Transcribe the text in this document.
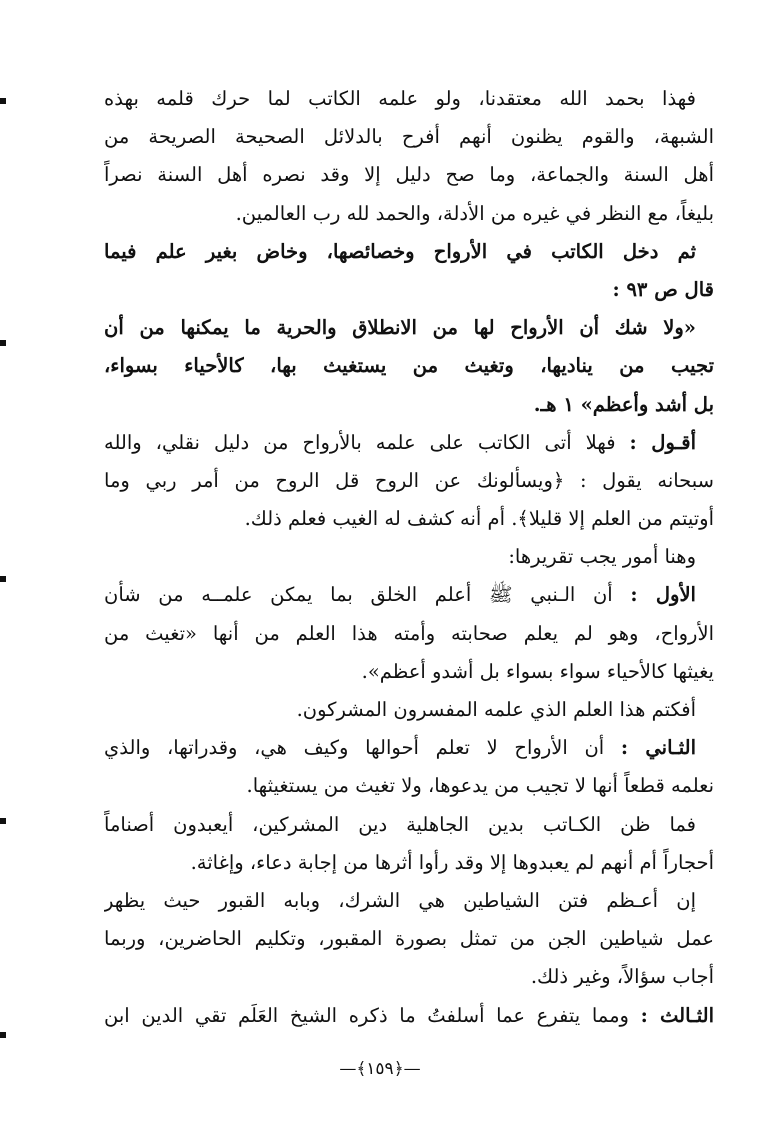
فهذا بحمد الله معتقدنا، ولو علمه الكاتب لما حرك قلمه بهذه
الشبهة، والقوم يظنون أنهم أفرح بالدلائل الصحيحة الصريحة من
أهل السنة والجماعة، وما صح دليل إلا وقد نصره أهل السنة نصراً
بليغاً، مع النظر في غيره من الأدلة، والحمد لله رب العالمين.
ثم دخل الكاتب في الأرواح وخصائصها، وخاض بغير علم فيما
قال ص ٩٣ :
«ولا شك أن الأرواح لها من الانطلاق والحرية ما يمكنها من أن
تجيب من يناديها، وتغيث من يستغيث بها، كالأحياء بسواء،
بل أشد وأعظم» ١ هـ.
أقـول : فهلا أتى الكاتب على علمه بالأرواح من دليل نقلي، والله
سبحانه يقول : ﴿ويسألونك عن الروح قل الروح من أمر ربي وما
أوتيتم من العلم إلا قليلا﴾. أم أنه كشف له الغيب فعلم ذلك.
وهنا أمور يجب تقريرها:
الأول : أن الـنبي ﷺ أعلم الخلق بما يمكن علمــه من شأن
الأرواح، وهو لم يعلم صحابته وأمته هذا العلم من أنها «تغيث من
يغيثها كالأحياء سواء بسواء بل أشدو أعظم».
أفكتم هذا العلم الذي علمه المفسرون المشركون.
الثـاني : أن الأرواح لا تعلم أحوالها وكيف هي، وقدراتها، والذي
نعلمه قطعاً أنها لا تجيب من يدعوها، ولا تغيث من يستغيثها.
فما ظن الكـاتب بدين الجاهلية دين المشركين، أيعبدون أصناماً
أحجاراً أم أنهم لم يعبدوها إلا وقد رأوا أثرها من إجابة دعاء، وإغاثة.
إن أعـظم فتن الشياطين هي الشرك، وبابه القبور حيث يظهر
عمل شياطين الجن من تمثل بصورة المقبور، وتكليم الحاضرين، وربما
أجاب سؤالاً، وغير ذلك.
الثـالث : ومما يتفرع عما أسلفتُ ما ذكره الشيخ العَلَم تقي الدين ابن
—﴿١٥٩﴾—
